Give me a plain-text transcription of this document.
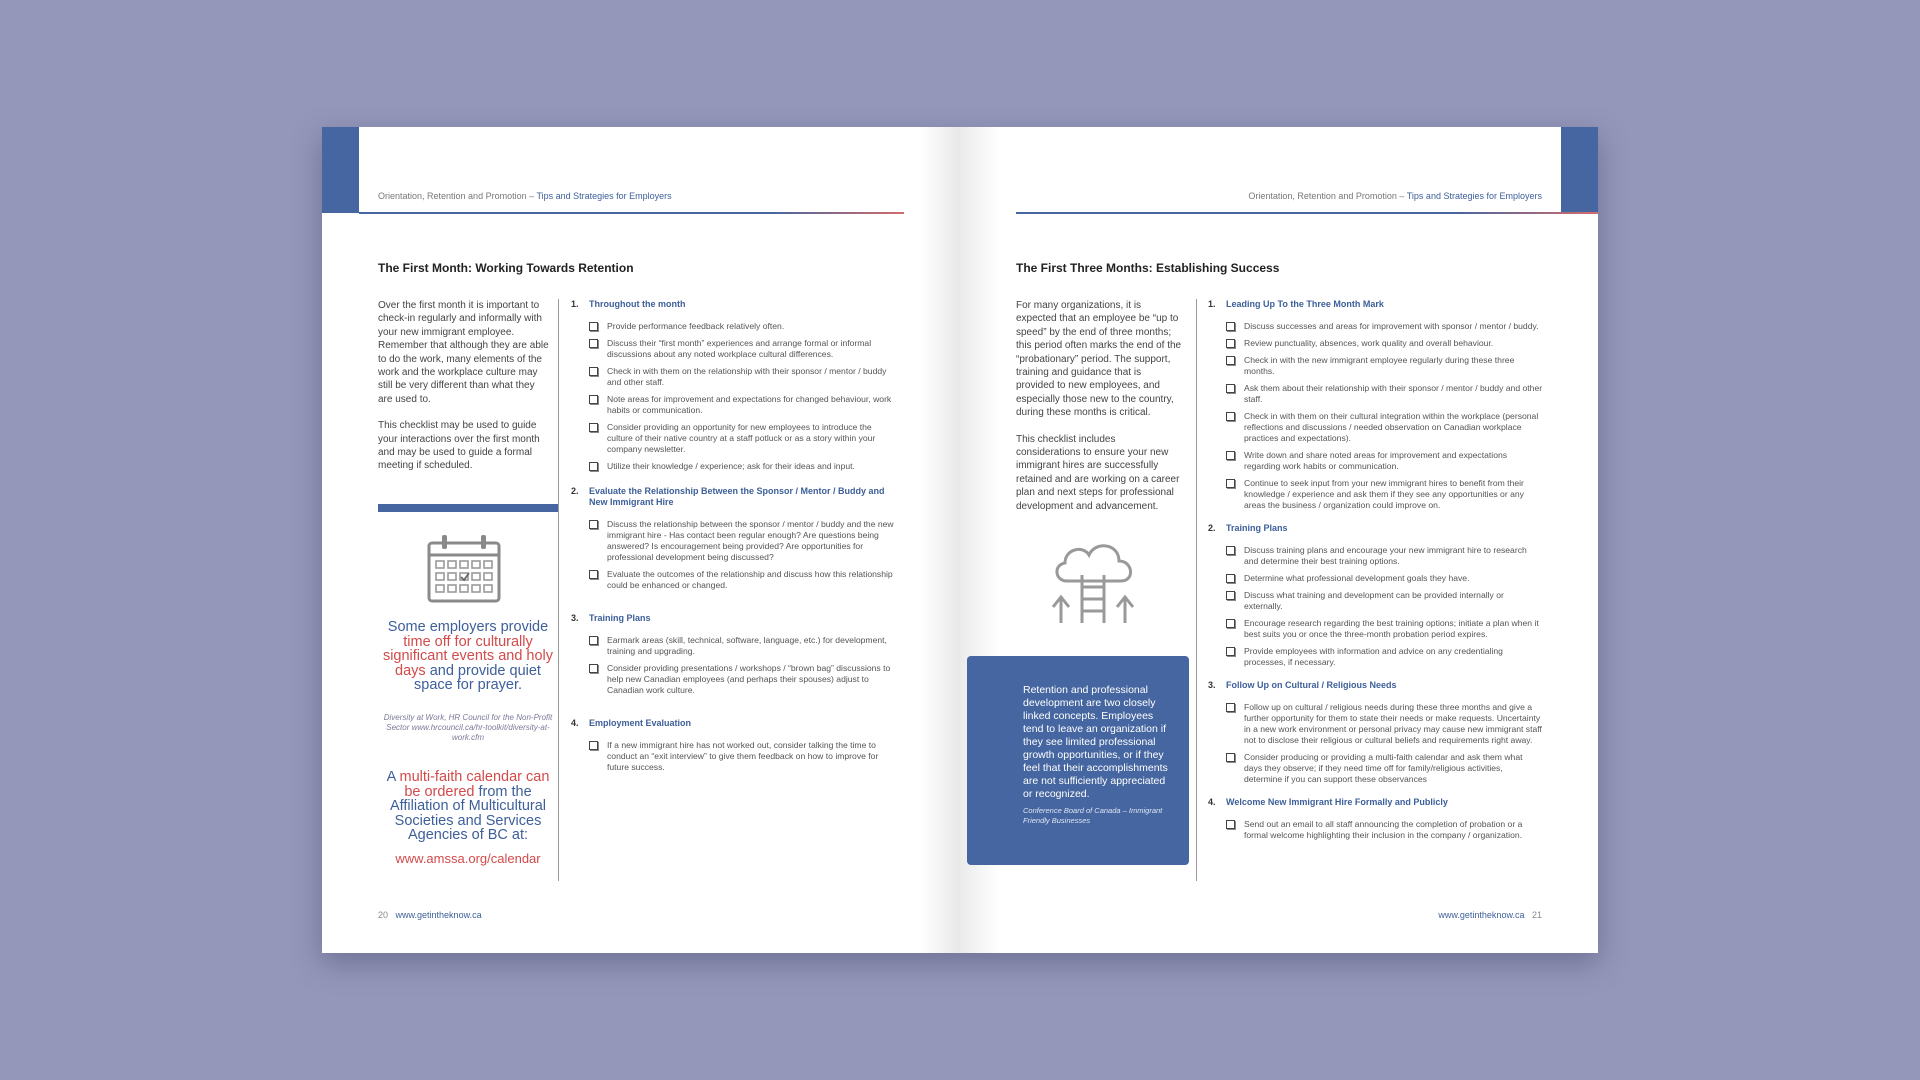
Orientation, Retention and Promotion – Tips and Strategies for Employers
The First Month: Working Towards Retention

Over the first month it is important to check-in regularly and informally with your new immigrant employee. Remember that although they are able to do the work, many elements of the work and the workplace culture may still be very different than what they are used to.

This checklist may be used to guide your interactions over the first month and may be used to guide a formal meeting if scheduled.

Some employers provide time off for culturally significant events and holy days and provide quiet space for prayer.
Diversity at Work, HR Council for the Non-Profit Sector www.hrcouncil.ca/hr-toolkit/diversity-at-work.cfm
A multi-faith calendar can be ordered from the Affiliation of Multicultural Societies and Services Agencies of BC at:
www.amssa.org/calendar
1.	Throughout the month
Provide performance feedback relatively often.
Discuss their “first month” experiences and arrange formal or informal discussions about any noted workplace cultural differences.
Check in with them on the relationship with their sponsor / mentor / buddy and other staff.
Note areas for improvement and expectations for changed behaviour, work habits or communication.
Consider providing an opportunity for new employees to introduce the culture of their native country at a staff potluck or as a story within your company newsletter.
Utilize their knowledge / experience; ask for their ideas and input.
2.	Evaluate the Relationship Between the Sponsor / Mentor / Buddy and New Immigrant Hire
Discuss the relationship between the sponsor / mentor / buddy and the new immigrant hire - Has contact been regular enough? Are questions being answered? Is encouragement being provided? Are opportunities for professional development being discussed?
Evaluate the outcomes of the relationship and discuss how this relationship could be enhanced or changed.
3.	Training Plans
Earmark areas (skill, technical, software, language, etc.) for development, training and upgrading.
Consider providing presentations / workshops / “brown bag” discussions to help new Canadian employees (and perhaps their spouses) adjust to Canadian work culture.
4.	Employment Evaluation
If a new immigrant hire has not worked out, consider talking the time to conduct an “exit interview” to give them feedback on how to improve for future success.
20 www.getintheknow.ca
Orientation, Retention and Promotion – Tips and Strategies for Employers
The First Three Months: Establishing Success

For many organizations, it is expected that an employee be “up to speed” by the end of three months; this period often marks the end of the “probationary” period. The support, training and guidance that is provided to new employees, and especially those new to the country, during these months is critical.

This checklist includes considerations to ensure your new immigrant hires are successfully retained and are working on a career plan and next steps for professional development and advancement.

Retention and professional development are two closely linked concepts. Employees tend to leave an organization if they see limited professional growth opportunities, or if they feel that their accomplishments are not sufficiently appreciated or recognized.
Conference Board of Canada – Immigrant Friendly Businesses
1.	Leading Up To the Three Month Mark
Discuss successes and areas for improvement with sponsor / mentor / buddy.
Review punctuality, absences, work quality and overall behaviour.
Check in with the new immigrant employee regularly during these three months.
Ask them about their relationship with their sponsor / mentor / buddy and other staff.
Check in with them on their cultural integration within the workplace (personal reflections and discussions / needed observation on Canadian workplace practices and expectations).
Write down and share noted areas for improvement and expectations regarding work habits or communication.
Continue to seek input from your new immigrant hires to benefit from their knowledge / experience and ask them if they see any opportunities or any areas the business / organization could improve on.
2.	Training Plans
Discuss training plans and encourage your new immigrant hire to research and determine their best training options.
Determine what professional development goals they have.
Discuss what training and development can be provided internally or externally.
Encourage research regarding the best training options; initiate a plan when it best suits you or once the three-month probation period expires.
Provide employees with information and advice on any credentialing processes, if necessary.
3.	Follow Up on Cultural / Religious Needs
Follow up on cultural / religious needs during these three months and give a further opportunity for them to state their needs or make requests. Uncertainty in a new work environment or personal privacy may cause new immigrant staff not to disclose their religious or cultural beliefs and requirements right away.
Consider producing or providing a multi-faith calendar and ask them what days they observe; if they need time off for family/religious activities, determine if you can support these observances
4.	Welcome New Immigrant Hire Formally and Publicly
Send out an email to all staff announcing the completion of probation or a formal welcome highlighting their inclusion in the company / organization.
www.getintheknow.ca 21
